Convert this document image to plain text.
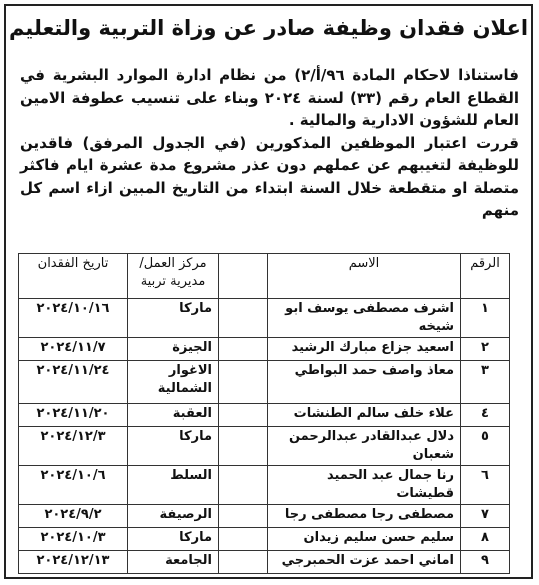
اعلان فقدان وظيفة صادر عن وزاة التربية والتعليم

فاستناذا لاحكام المادة ٩٦/أ/٢) من نظام ادارة الموارد البشرية في القطاع العام رقم (٣٣) لسنة ٢٠٢٤ وبناء على تنسيب عطوفة الامين العام للشؤون الادارية والمالية .

قررت اعتبار الموظفين المذكورين (في الجدول المرفق) فاقدين للوظيفة لتغيبهم عن عملهم دون عذر مشروع مدة عشرة ايام فاكثر متصلة او متقطعة خلال السنة ابتداء من التاريخ المبين ازاء اسم كل منهم

الرقم	الاسم		مركز العمل/ مديرية تربية	تاريخ الفقدان
١	اشرف مصطفى يوسف ابو شيخه		ماركا	٢٠٢٤/١٠/١٦
٢	اسعيد جزاع مبارك الرشيد		الجيزة	٢٠٢٤/١١/٧
٣	معاذ واصف حمد البواطي		الاغوار الشمالية	٢٠٢٤/١١/٢٤
٤	علاء خلف سالم الطنشات		العقبة	٢٠٢٤/١١/٢٠
٥	دلال عبدالقادر عبدالرحمن شعبان		ماركا	٢٠٢٤/١٢/٣
٦	رنا جمال عبد الحميد قطيشات		السلط	٢٠٢٤/١٠/٦
٧	مصطفى رجا مصطفى رجا		الرصيفة	٢٠٢٤/٩/٢
٨	سليم حسن سليم زيدان		ماركا	٢٠٢٤/١٠/٣
٩	اماني احمد عزت الحمبرجي		الجامعة	٢٠٢٤/١٢/١٣
